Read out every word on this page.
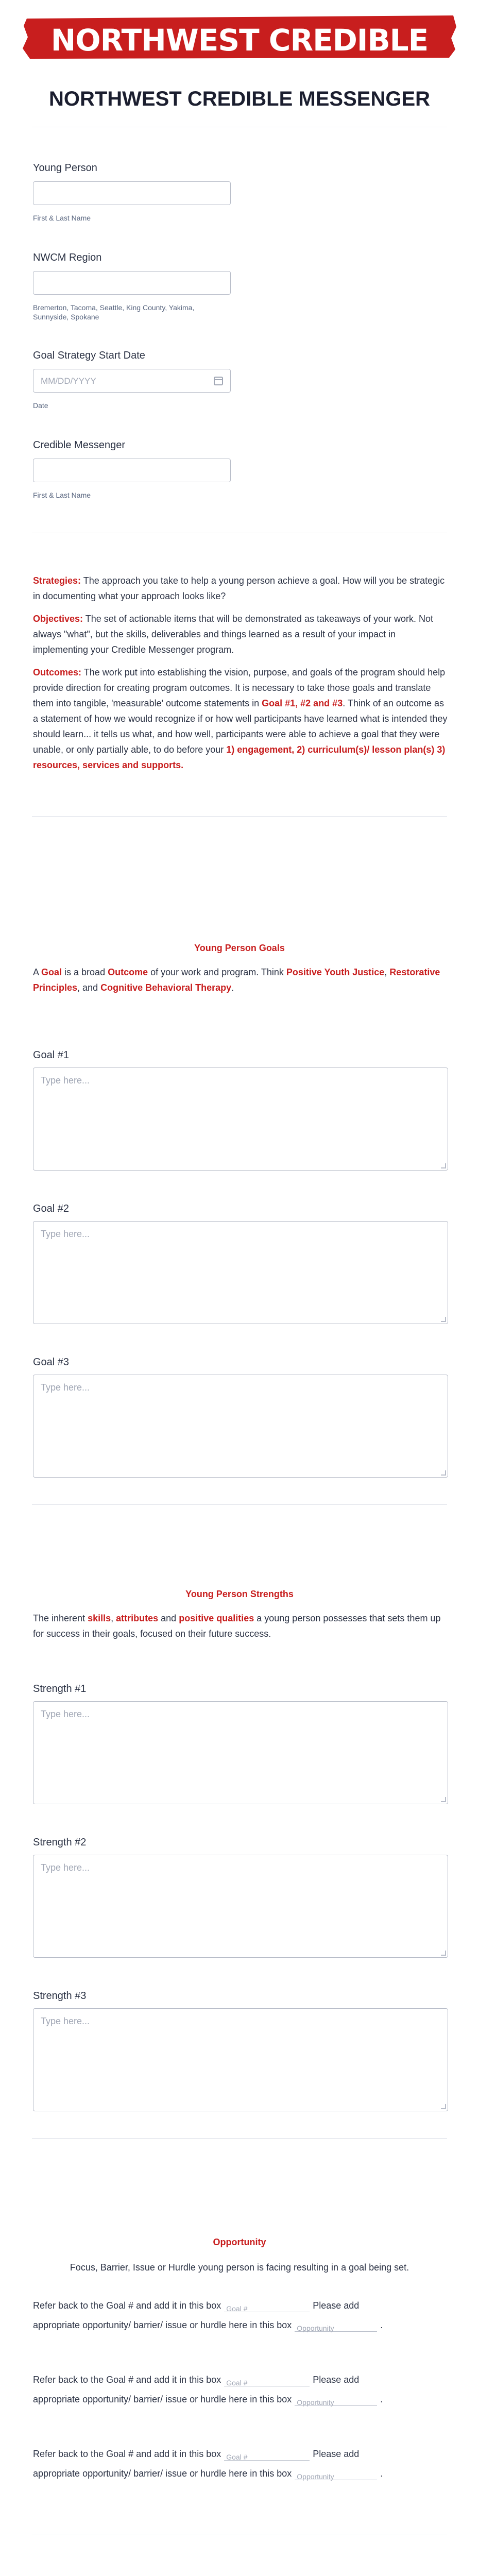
NORTHWEST CREDIBLE MESSENGER
NORTHWEST CREDIBLE MESSENGER
Young Person
First & Last Name
NWCM Region
Bremerton, Tacoma, Seattle, King County, Yakima, Sunnyside, Spokane
Goal Strategy Start Date
MM/DD/YYYY
Date
Credible Messenger
First & Last Name
Strategies: The approach you take to help a young person achieve a goal. How will you be strategic in documenting what your approach looks like?
Objectives: The set of actionable items that will be demonstrated as takeaways of your work. Not always "what", but the skills, deliverables and things learned as a result of your impact in implementing your Credible Messenger program.
Outcomes: The work put into establishing the vision, purpose, and goals of the program should help provide direction for creating program outcomes. It is necessary to take those goals and translate them into tangible, 'measurable' outcome statements in Goal #1, #2 and #3. Think of an outcome as a statement of how we would recognize if or how well participants have learned what is intended they should learn... it tells us what, and how well, participants were able to achieve a goal that they were unable, or only partially able, to do before your 1) engagement, 2) curriculum(s)/ lesson plan(s) 3) resources, services and supports.
Young Person Goals
A Goal is a broad Outcome of your work and program. Think Positive Youth Justice, Restorative Principles, and Cognitive Behavioral Therapy.
Goal #1
Type here...
Goal #2
Type here...
Goal #3
Type here...
Young Person Strengths
The inherent skills, attributes and positive qualities a young person possesses that sets them up for success in their goals, focused on their future success.
Strength #1
Type here...
Strength #2
Type here...
Strength #3
Type here...
Opportunity
Focus, Barrier, Issue or Hurdle young person is facing resulting in a goal being set.
Refer back to the Goal # and add it in this box Goal #	Please add
appropriate opportunity/ barrier/ issue or hurdle here in this box Opportunity	.
Refer back to the Goal # and add it in this box Goal #	Please add
appropriate opportunity/ barrier/ issue or hurdle here in this box Opportunity	.
Refer back to the Goal # and add it in this box Goal #	Please add
appropriate opportunity/ barrier/ issue or hurdle here in this box Opportunity	.
